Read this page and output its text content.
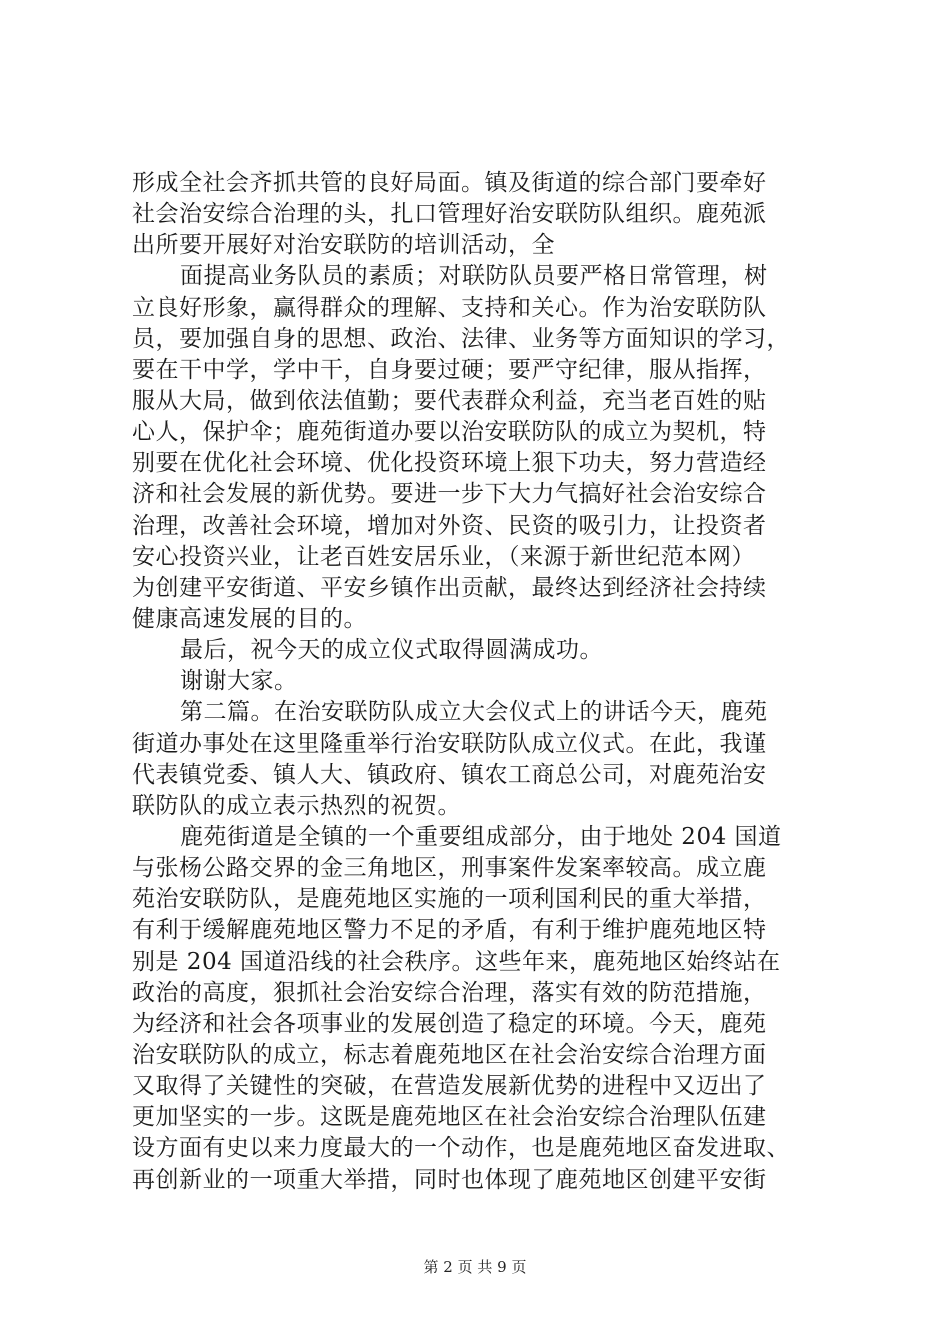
形成全社会齐抓共管的良好局面。镇及街道的综合部门要牵好
社会治安综合治理的头，扎口管理好治安联防队组织。鹿苑派
出所要开展好对治安联防的培训活动，全
面提高业务队员的素质；对联防队员要严格日常管理，树
立良好形象，赢得群众的理解、支持和关心。作为治安联防队
员，要加强自身的思想、政治、法律、业务等方面知识的学习，
要在干中学，学中干，自身要过硬；要严守纪律，服从指挥，
服从大局，做到依法值勤；要代表群众利益，充当老百姓的贴
心人，保护伞；鹿苑街道办要以治安联防队的成立为契机，特
别要在优化社会环境、优化投资环境上狠下功夫，努力营造经
济和社会发展的新优势。要进一步下大力气搞好社会治安综合
治理，改善社会环境，增加对外资、民资的吸引力，让投资者
安心投资兴业，让老百姓安居乐业，（来源于新世纪范本网）
为创建平安街道、平安乡镇作出贡献，最终达到经济社会持续
健康高速发展的目的。
最后，祝今天的成立仪式取得圆满成功。
谢谢大家。
第二篇。在治安联防队成立大会仪式上的讲话今天，鹿苑
街道办事处在这里隆重举行治安联防队成立仪式。在此，我谨
代表镇党委、镇人大、镇政府、镇农工商总公司，对鹿苑治安
联防队的成立表示热烈的祝贺。
鹿苑街道是全镇的一个重要组成部分，由于地处 204 国道
与张杨公路交界的金三角地区，刑事案件发案率较高。成立鹿
苑治安联防队，是鹿苑地区实施的一项利国利民的重大举措，
有利于缓解鹿苑地区警力不足的矛盾，有利于维护鹿苑地区特
别是 204 国道沿线的社会秩序。这些年来，鹿苑地区始终站在
政治的高度，狠抓社会治安综合治理，落实有效的防范措施，
为经济和社会各项事业的发展创造了稳定的环境。今天，鹿苑
治安联防队的成立，标志着鹿苑地区在社会治安综合治理方面
又取得了关键性的突破，在营造发展新优势的进程中又迈出了
更加坚实的一步。这既是鹿苑地区在社会治安综合治理队伍建
设方面有史以来力度最大的一个动作，也是鹿苑地区奋发进取、
再创新业的一项重大举措，同时也体现了鹿苑地区创建平安街
第 2 页 共 9 页
